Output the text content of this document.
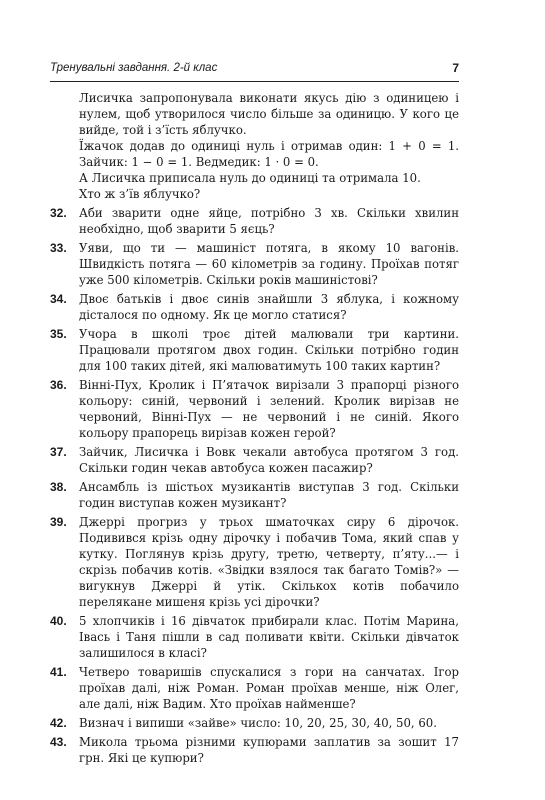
Тренувальні завдання. 2-й клас	7

Лисичка запропонувала виконати якусь дію з одиницею і нулем, щоб утворилося число більше за одиницю. У кого це вийде, той і з’їсть яблучко.

Їжачок додав до одиниці нуль і отримав один: 1 + 0 = 1. Зайчик: 1 − 0 = 1. Ведмедик: 1 · 0 = 0.

А Лисичка приписала нуль до одиниці та отримала 10.

Хто ж з’їв яблучко?

32. Аби зварити одне яйце, потрібно 3 хв. Скільки хвилин необхідно, щоб зварити 5 яєць?
33. Уяви, що ти — машиніст потяга, в якому 10 вагонів. Швидкість потяга — 60 кілометрів за годину. Проїхав потяг уже 500 кілометрів. Скільки років машиністові?
34. Двоє батьків і двоє синів знайшли 3 яблука, і кожному дісталося по одному. Як це могло статися?
35. Учора в школі троє дітей малювали три картини. Працювали протягом двох годин. Скільки потрібно годин для 100 таких дітей, які малюватимуть 100 таких картин?
36. Вінні-Пух, Кролик і П’ятачок вирізали 3 прапорці різного кольору: синій, червоний і зелений. Кролик вирізав не червоний, Вінні-Пух — не червоний і не синій. Якого кольору прапорець вирізав кожен герой?
37. Зайчик, Лисичка і Вовк чекали автобуса протягом 3 год. Скільки годин чекав автобуса кожен пасажир?
38. Ансамбль із шістьох музикантів виступав 3 год. Скільки годин виступав кожен музикант?
39. Джеррі прогриз у трьох шматочках сиру 6 дірочок. Подивився крізь одну дірочку і побачив Тома, який спав у кутку. Поглянув крізь другу, третю, четверту, п’яту...— і скрізь побачив котів. «Звідки взялося так багато Томів?» — вигукнув Джеррі й утік. Скількох котів побачило перелякане мишеня крізь усі дірочки?
40. 5 хлопчиків і 16 дівчаток прибирали клас. Потім Марина, Івась і Таня пішли в сад поливати квіти. Скільки дівчаток залишилося в класі?
41. Четверо товаришів спускалися з гори на санчатах. Ігор проїхав далі, ніж Роман. Роман проїхав менше, ніж Олег, але далі, ніж Вадим. Хто проїхав найменше?
42. Визнач і випиши «зайве» число: 10, 20, 25, 30, 40, 50, 60.
43. Микола трьома різними купюрами заплатив за зошит 17 грн. Які це купюри?
